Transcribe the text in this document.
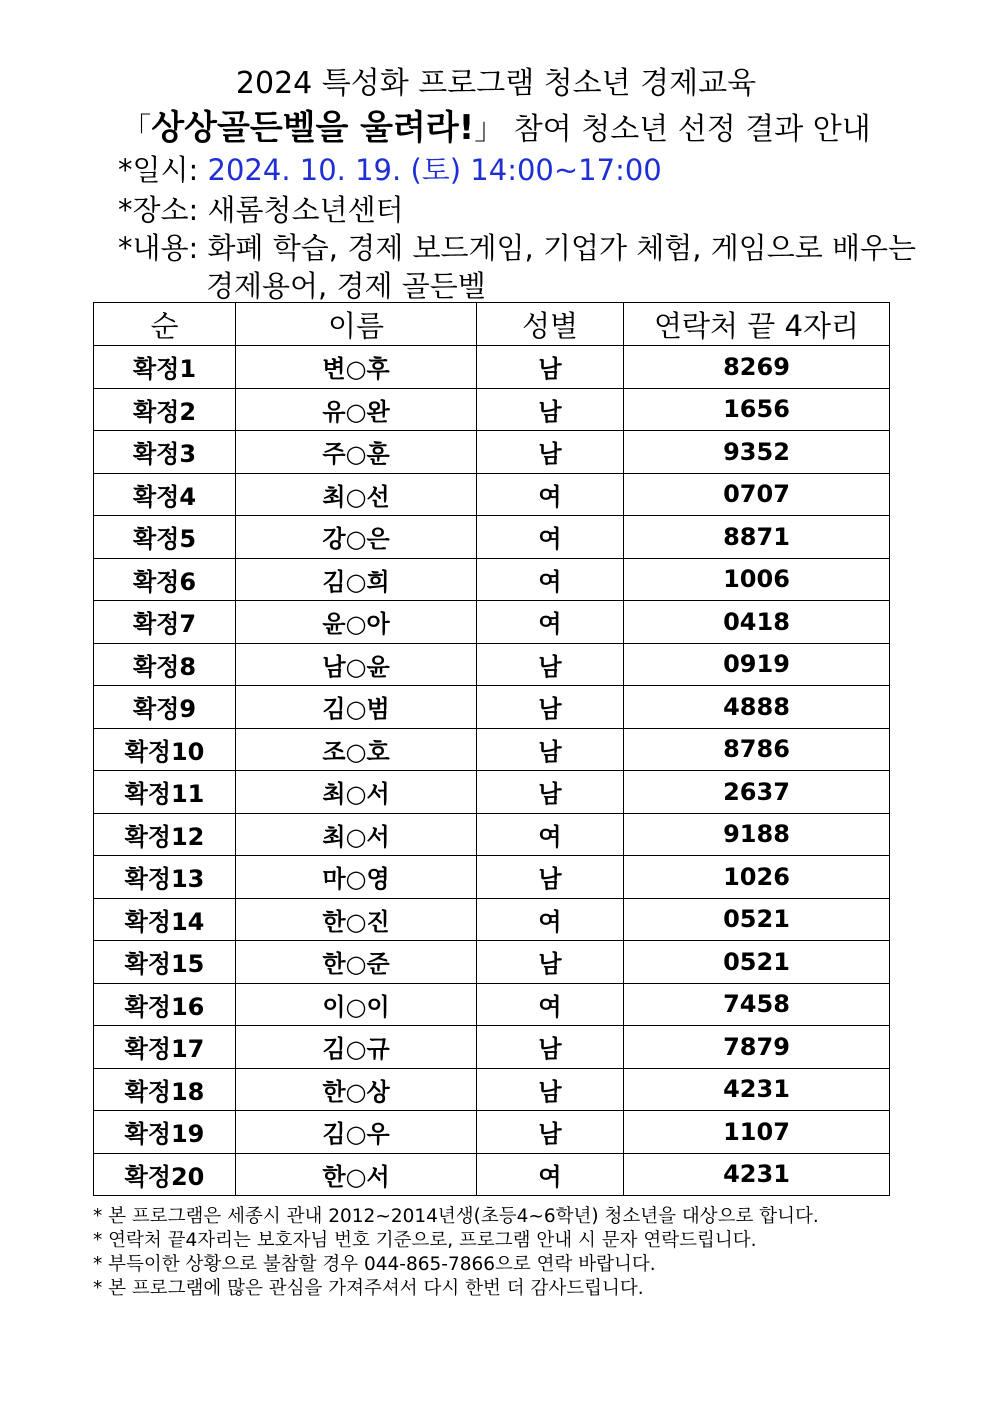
2024 특성화 프로그램 청소년 경제교육
「상상골든벨을 울려라!」 참여 청소년 선정 결과 안내
*일시: 2024. 10. 19. (토) 14:00~17:00
*장소: 새롬청소년센터
*내용: 화폐 학습, 경제 보드게임, 기업가 체험, 게임으로 배우는
경제용어, 경제 골든벨
순	이름	성별	연락처 끝 4자리
확정1	변○후	남	8269
확정2	유○완	남	1656
확정3	주○훈	남	9352
확정4	최○선	여	0707
확정5	강○은	여	8871
확정6	김○희	여	1006
확정7	윤○아	여	0418
확정8	남○윤	남	0919
확정9	김○범	남	4888
확정10	조○호	남	8786
확정11	최○서	남	2637
확정12	최○서	여	9188
확정13	마○영	남	1026
확정14	한○진	여	0521
확정15	한○준	남	0521
확정16	이○이	여	7458
확정17	김○규	남	7879
확정18	한○상	남	4231
확정19	김○우	남	1107
확정20	한○서	여	4231
* 본 프로그램은 세종시 관내 2012~2014년생(초등4~6학년) 청소년을 대상으로 합니다.
* 연락처 끝4자리는 보호자님 번호 기준으로, 프로그램 안내 시 문자 연락드립니다.
* 부득이한 상황으로 불참할 경우 044-865-7866으로 연락 바랍니다.
* 본 프로그램에 많은 관심을 가져주셔서 다시 한번 더 감사드립니다.
